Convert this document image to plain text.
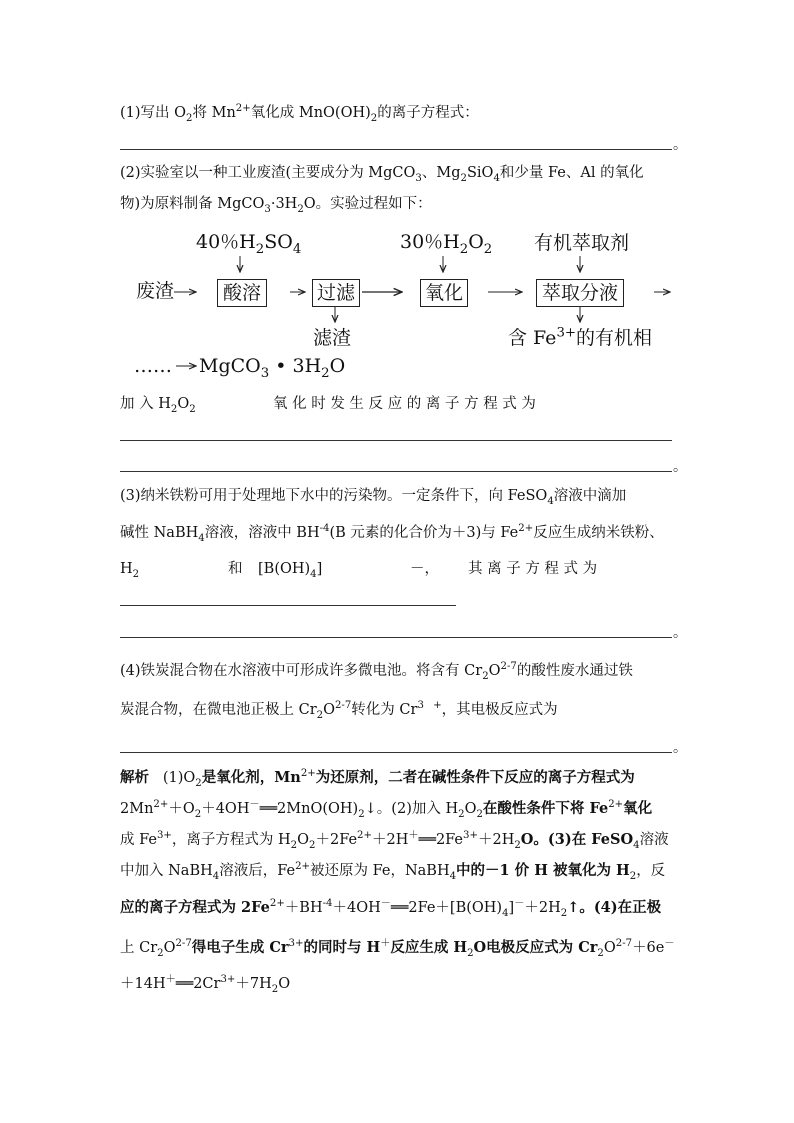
(1)写出 $O_2$将 $Mn^{2+}$氧化成 $MnO(OH)_2$的离子方程式：
。
(2)实验室以一种工业废渣(主要成分为 MgCO$_3$、$Mg_2SiO_4$和少量 Fe、Al 的氧化
物)为原料制备 $MgCO_3\cdot 3H_2O$。实验过程如下：
40％$H_2SO_4$	30％$H_2O_2$ 有机萃取剂
废渣	酸溶	过滤	氧化	萃取分液
滤渣	含 $Fe^{3+}$的有机相
…… MgCO$_3$ • $3H_2O$
加 入 $H_2O_2$	氧 化 时 发 生 反 应 的 离 子 方 程 式 为
。
(3)纳米铁粉可用于处理地下水中的污染物。一定条件下，向 FeSO$_4$溶液中滴加
碱性 NaBH$_4$溶液，溶液中 $BH^{-4}(B$ 元素的化合价为＋3)与 $Fe^{2+}$反应生成纳米铁粉、
$H_2$	和 $[B(OH)_4]$	－， 其 离 子 方 程 式 为
。
(4)铁炭混合物在水溶液中可形成许多微电池。将含有 $Cr_2O^{2-7}$的酸性废水通过铁
炭混合物，在微电池正极上 $Cr_2O^{2-7}$转化为 Cr$^3$ +，其电极反应式为
。
解析 $(1)O_2$是氧化剂，$Mn^{2+}$为还原剂，二者在碱性条件下反应的离子方程式为
$2Mn^{2+}+O_2+4OH^-══2MnO(OH)_2↓$。(2)加入 $H_2O_2$在酸性条件下将 $Fe^{2+}$氧化
成 $Fe^{3+}$，离子方程式为 $H_2O_2+2Fe^{2+}+2H^+══2Fe^{3+}+2H_2O$。(3)在 FeSO$_4$溶液
中加入 NaBH$_4$溶液后，$Fe^{2+}$被还原为 Fe，NaBH$_4$中的－1 价 H 被氧化为 $H_2$，反
应的离子方程式为 $2Fe^{2+}+BH^{-4}+4OH^-══2Fe+[B(OH)_4]^-+2H_2↑$。(4)在正极
上 $Cr_2O^{2-7}$得电子生成 $Cr^{3+}$的同时与 H＋反应生成 $H_2O$电极反应式为 $Cr_2O^{2-7}+6e^-$
$+14H^+══2Cr^{3+}+7H_2O$
